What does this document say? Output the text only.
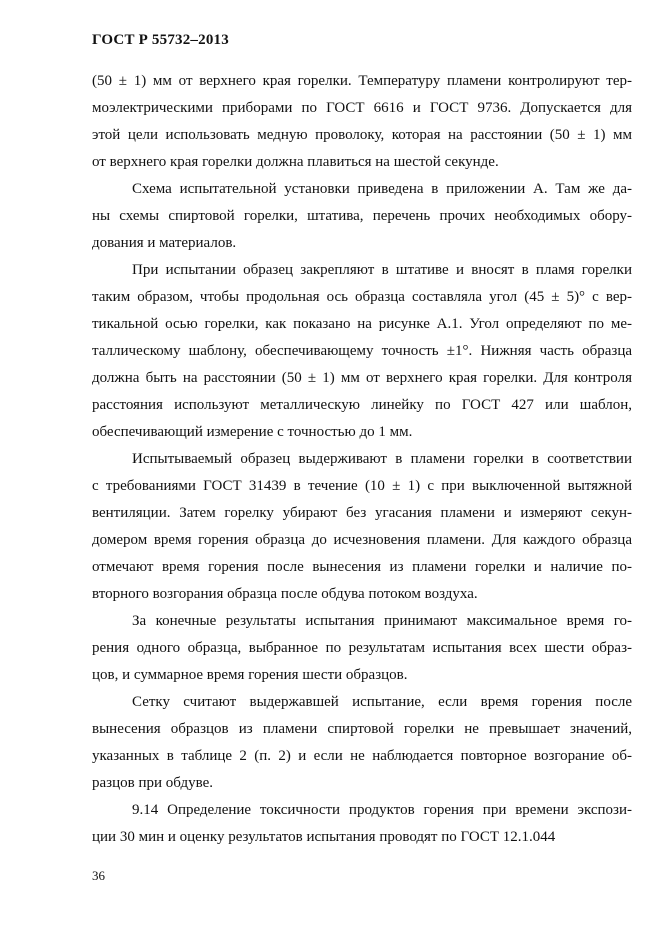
ГОСТ Р 55732–2013
(50 ± 1) мм от верхнего края горелки. Температуру пламени контролируют тер-
моэлектрическими приборами по ГОСТ 6616 и ГОСТ 9736. Допускается для
этой цели использовать медную проволоку, которая на расстоянии (50 ± 1) мм
от верхнего края горелки должна плавиться на шестой секунде.
Схема испытательной установки приведена в приложении А. Там же да-
ны схемы спиртовой горелки, штатива, перечень прочих необходимых обору-
дования и материалов.
При испытании образец закрепляют в штативе и вносят в пламя горелки
таким образом, чтобы продольная ось образца составляла угол (45 ± 5)° с вер-
тикальной осью горелки, как показано на рисунке А.1. Угол определяют по ме-
таллическому шаблону, обеспечивающему точность ±1°. Нижняя часть образца
должна быть на расстоянии (50 ± 1) мм от верхнего края горелки. Для контроля
расстояния используют металлическую линейку по ГОСТ 427 или шаблон,
обеспечивающий измерение с точностью до 1 мм.
Испытываемый образец выдерживают в пламени горелки в соответствии
с требованиями ГОСТ 31439 в течение (10 ± 1) с при выключенной вытяжной
вентиляции. Затем горелку убирают без угасания пламени и измеряют секун-
домером время горения образца до исчезновения пламени. Для каждого образца
отмечают время горения после вынесения из пламени горелки и наличие по-
вторного возгорания образца после обдува потоком воздуха.
За конечные результаты испытания принимают максимальное время го-
рения одного образца, выбранное по результатам испытания всех шести образ-
цов, и суммарное время горения шести образцов.
Сетку считают выдержавшей испытание, если время горения после
вынесения образцов из пламени спиртовой горелки не превышает значений,
указанных в таблице 2 (п. 2) и если не наблюдается повторное возгорание об-
разцов при обдуве.
9.14 Определение токсичности продуктов горения при времени экспози-
ции 30 мин и оценку результатов испытания проводят по ГОСТ 12.1.044
36
